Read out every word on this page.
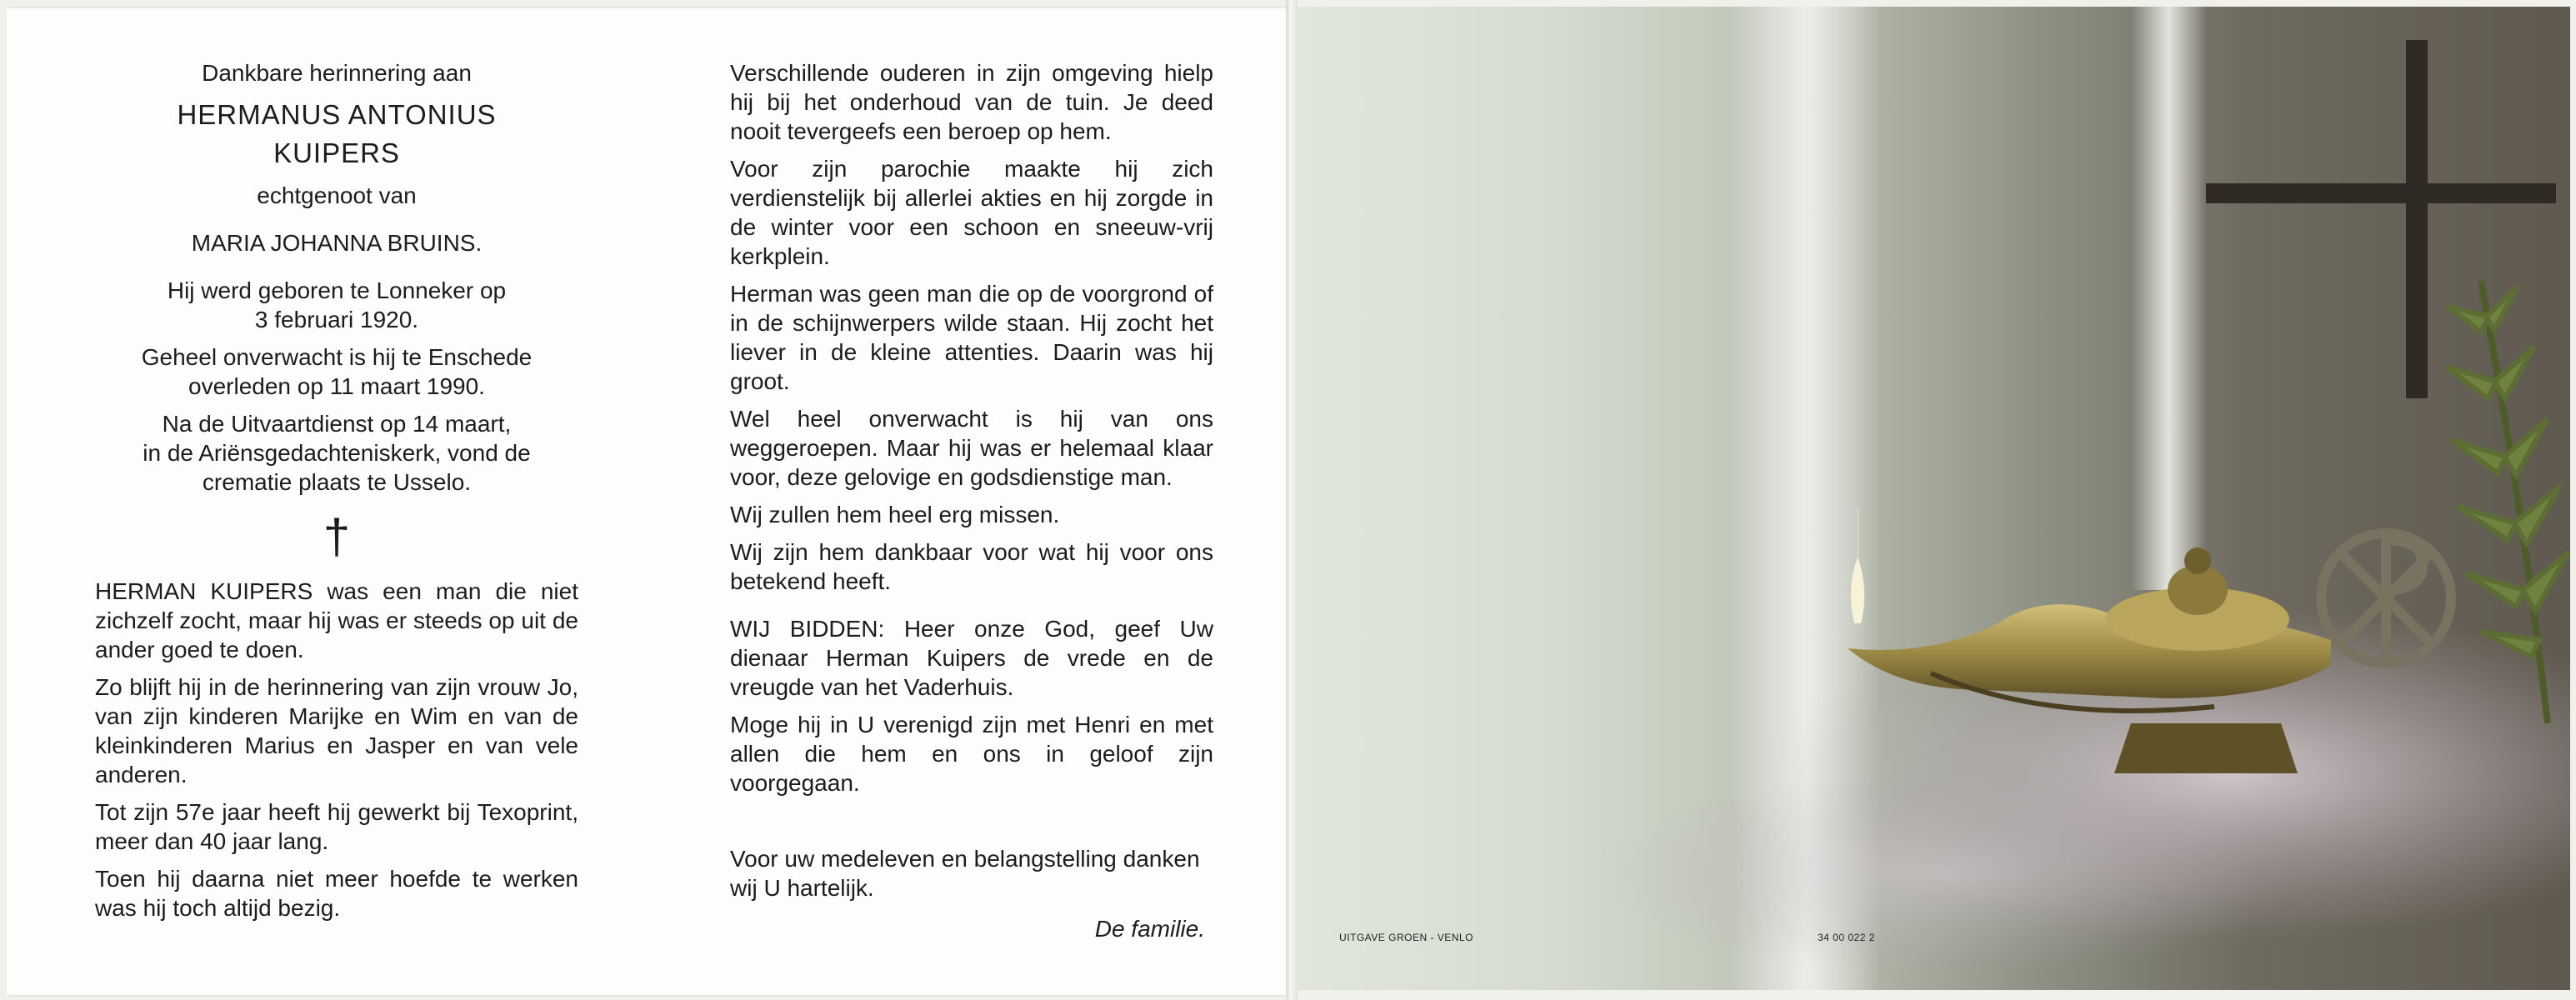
Dankbare herinnering aan
HERMANUS ANTONIUS
KUIPERS
echtgenoot van
MARIA JOHANNA BRUINS.
Hij werd geboren te Lonneker op
3 februari 1920.
Geheel onverwacht is hij te Enschede
overleden op 11 maart 1990.
Na de Uitvaartdienst op 14 maart,
in de Ariënsgedachteniskerk, vond de
crematie plaats te Usselo.
†
HERMAN KUIPERS was een man die niet zichzelf zocht, maar hij was er steeds op uit de ander goed te doen.
Zo blijft hij in de herinnering van zijn vrouw Jo, van zijn kinderen Marijke en Wim en van de kleinkinderen Marius en Jasper en van vele anderen.
Tot zijn 57e jaar heeft hij gewerkt bij Texoprint, meer dan 40 jaar lang.
Toen hij daarna niet meer hoefde te werken was hij toch altijd bezig.
Verschillende ouderen in zijn omgeving hielp hij bij het onderhoud van de tuin. Je deed nooit tevergeefs een beroep op hem.
Voor zijn parochie maakte hij zich verdienstelijk bij allerlei akties en hij zorgde in de winter voor een schoon en sneeuw-vrij kerkplein.
Herman was geen man die op de voorgrond of in de schijnwerpers wilde staan. Hij zocht het liever in de kleine attenties. Daarin was hij groot.
Wel heel onverwacht is hij van ons weggeroepen. Maar hij was er helemaal klaar voor, deze gelovige en godsdienstige man.
Wij zullen hem heel erg missen.
Wij zijn hem dankbaar voor wat hij voor ons betekend heeft.
WIJ BIDDEN: Heer onze God, geef Uw dienaar Herman Kuipers de vrede en de vreugde van het Vaderhuis.
Moge hij in U verenigd zijn met Henri en met allen die hem en ons in geloof zijn voorgegaan.
Voor uw medeleven en belangstelling danken wij U hartelijk.
De familie.	UITGAVE GROEN - VENLO	34 00 022 2
